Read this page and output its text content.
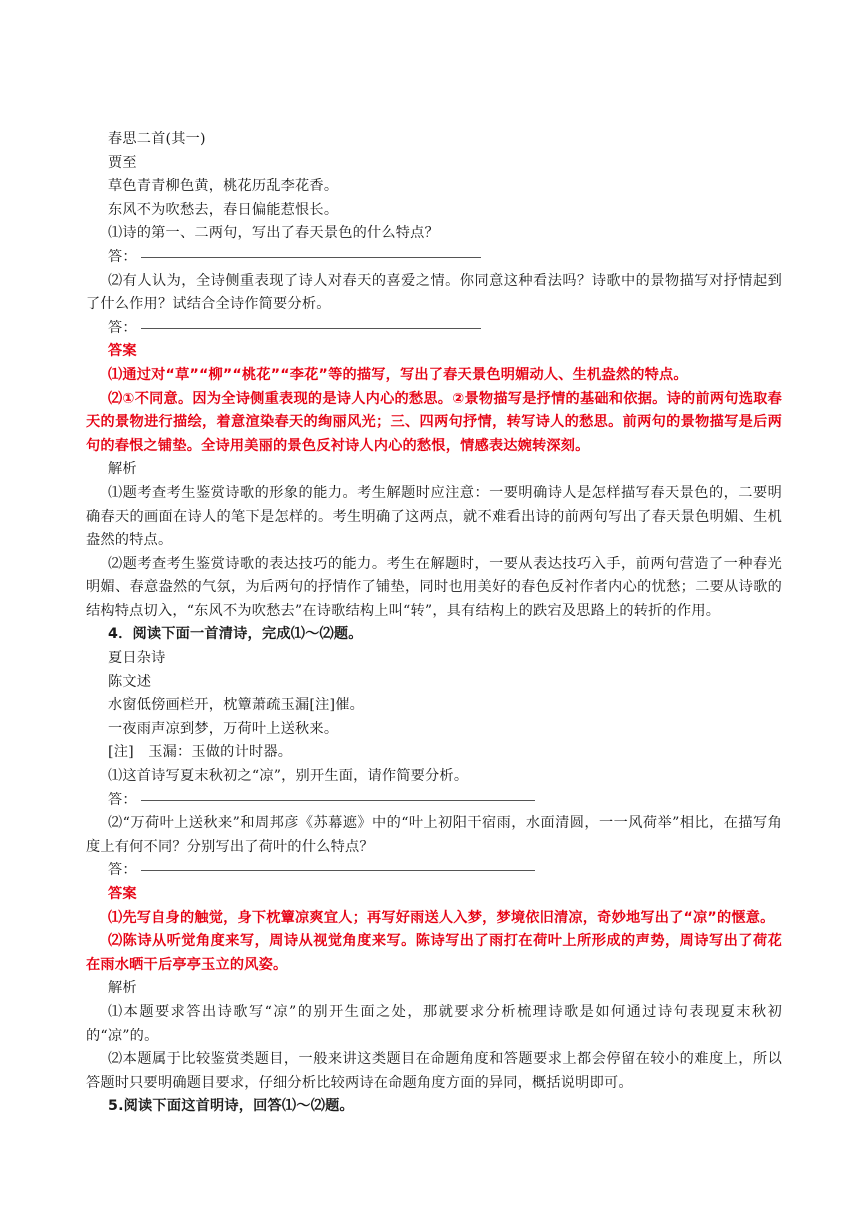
春思二首(其一)
贾至
草色青青柳色黄，桃花历乱李花香。
东风不为吹愁去，春日偏能惹恨长。
⑴诗的第一、二两句，写出了春天景色的什么特点？
答：
⑵有人认为，全诗侧重表现了诗人对春天的喜爱之情。你同意这种看法吗？诗歌中的景物描写对抒情起到了什么作用？试结合全诗作简要分析。
答：
答案
⑴通过对“草”“柳”“桃花”“李花”等的描写，写出了春天景色明媚动人、生机盎然的特点。
⑵①不同意。因为全诗侧重表现的是诗人内心的愁思。②景物描写是抒情的基础和依据。诗的前两句选取春天的景物进行描绘，着意渲染春天的绚丽风光；三、四两句抒情，转写诗人的愁思。前两句的景物描写是后两句的春恨之铺垫。全诗用美丽的景色反衬诗人内心的愁恨，情感表达婉转深刻。
解析
⑴题考查考生鉴赏诗歌的形象的能力。考生解题时应注意：一要明确诗人是怎样描写春天景色的，二要明确春天的画面在诗人的笔下是怎样的。考生明确了这两点，就不难看出诗的前两句写出了春天景色明媚、生机盎然的特点。
⑵题考查考生鉴赏诗歌的表达技巧的能力。考生在解题时，一要从表达技巧入手，前两句营造了一种春光明媚、春意盎然的气氛，为后两句的抒情作了铺垫，同时也用美好的春色反衬作者内心的忧愁；二要从诗歌的结构特点切入，“东风不为吹愁去”在诗歌结构上叫“转”，具有结构上的跌宕及思路上的转折的作用。
4．阅读下面一首清诗，完成⑴～⑵题。
夏日杂诗
陈文述
水窗低傍画栏开，枕簟萧疏玉漏[注]催。
一夜雨声凉到梦，万荷叶上送秋来。
[注]　玉漏：玉做的计时器。
⑴这首诗写夏末秋初之“凉”，别开生面，请作简要分析。
答：
⑵“万荷叶上送秋来”和周邦彦《苏幕遮》中的“叶上初阳干宿雨，水面清圆，一一风荷举”相比，在描写角度上有何不同？分别写出了荷叶的什么特点？
答：
答案
⑴先写自身的触觉，身下枕簟凉爽宜人；再写好雨送人入梦，梦境依旧清凉，奇妙地写出了“凉”的惬意。
⑵陈诗从听觉角度来写，周诗从视觉角度来写。陈诗写出了雨打在荷叶上所形成的声势，周诗写出了荷花在雨水晒干后亭亭玉立的风姿。
解析
⑴本题要求答出诗歌写“凉”的别开生面之处，那就要求分析梳理诗歌是如何通过诗句表现夏末秋初的“凉”的。
⑵本题属于比较鉴赏类题目，一般来讲这类题目在命题角度和答题要求上都会停留在较小的难度上，所以答题时只要明确题目要求，仔细分析比较两诗在命题角度方面的异同，概括说明即可。
5.阅读下面这首明诗，回答⑴～⑵题。
